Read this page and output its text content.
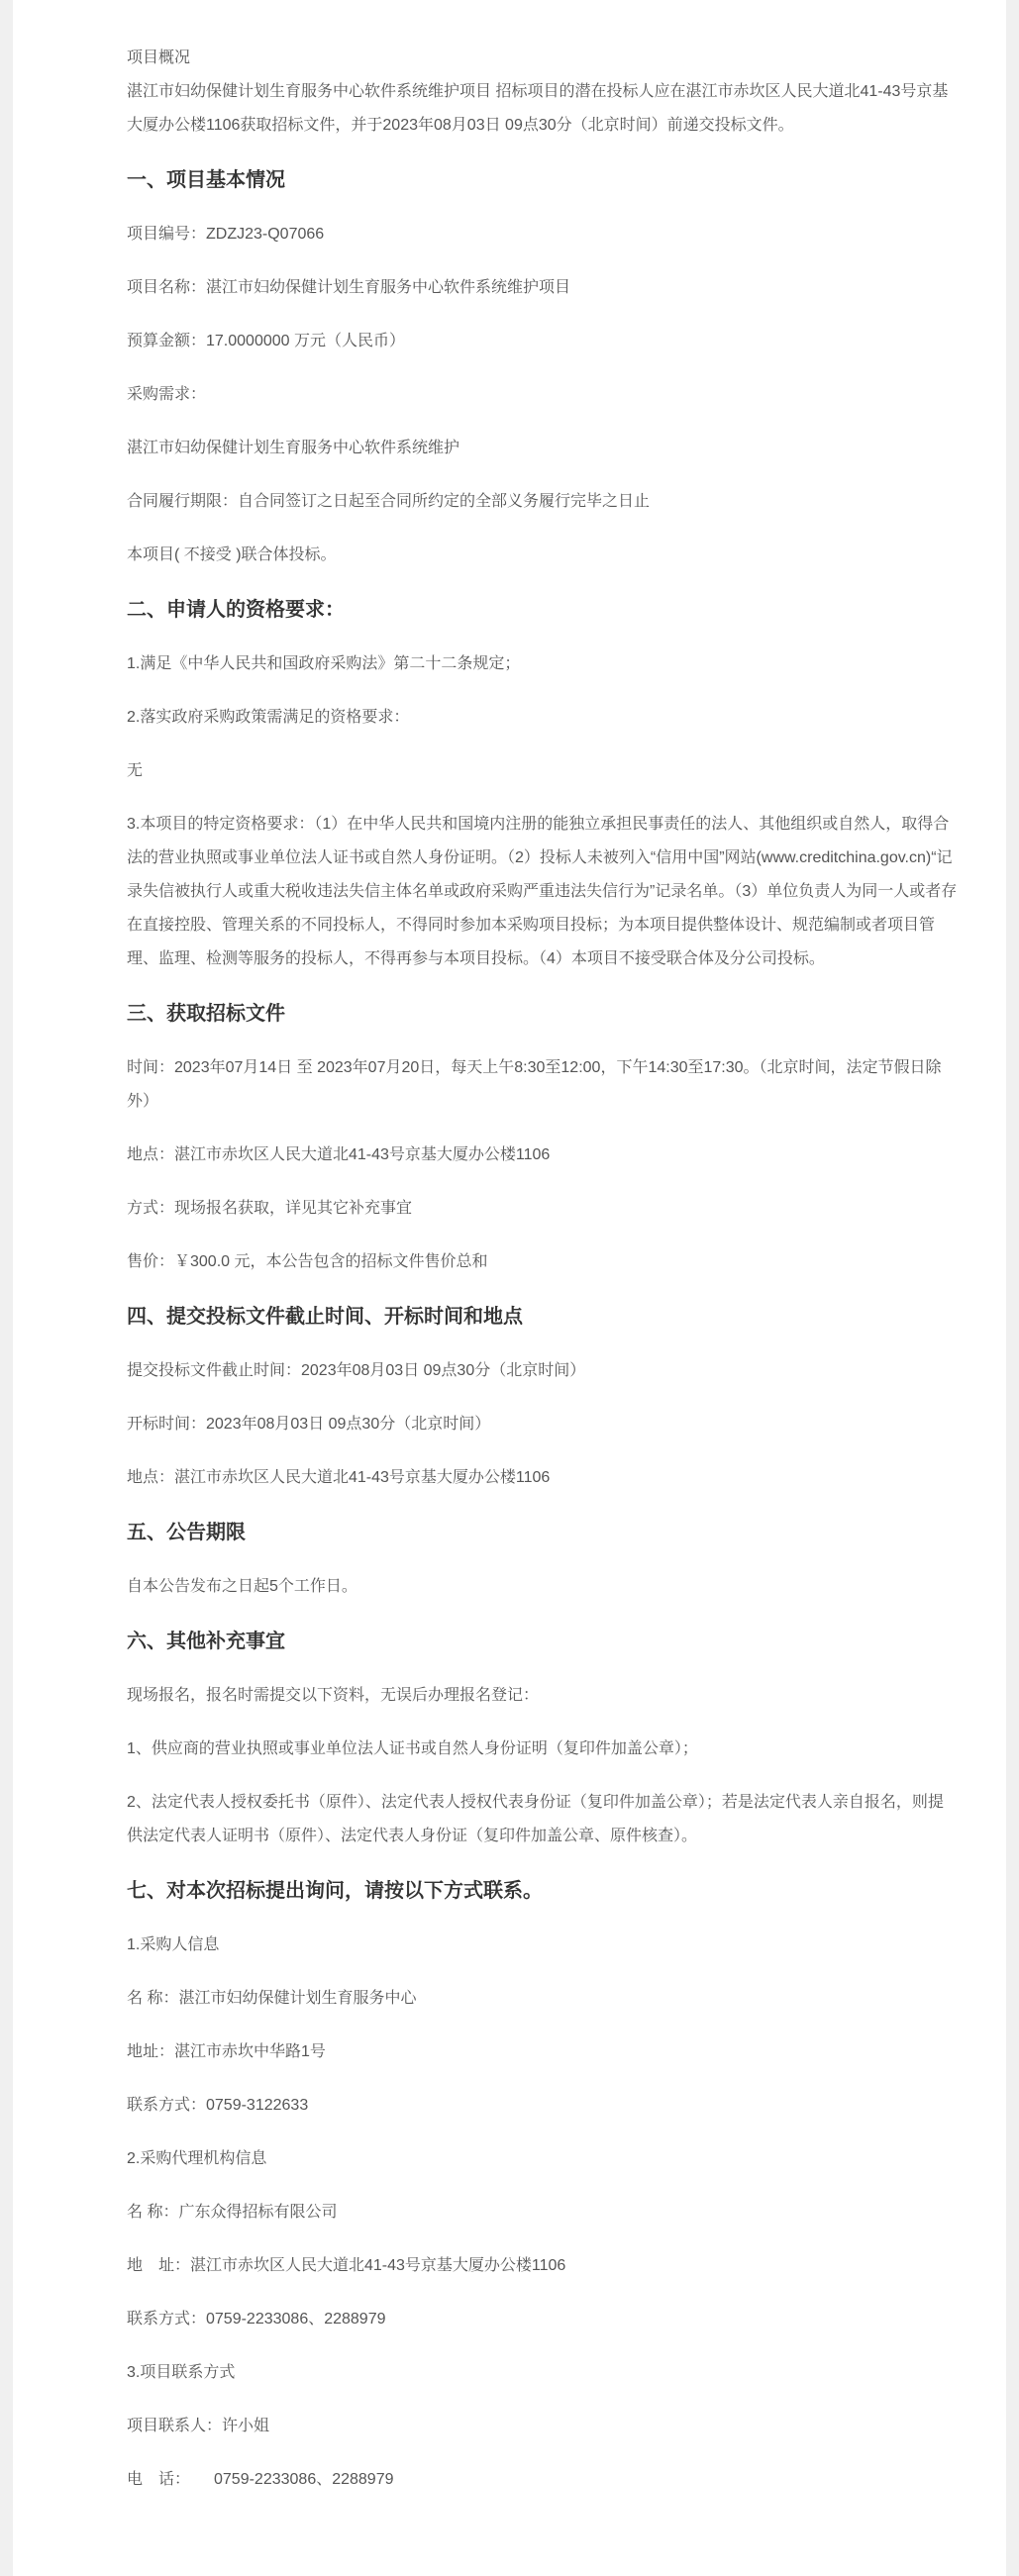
项目概况

湛江市妇幼保健计划生育服务中心软件系统维护项目 招标项目的潜在投标人应在湛江市赤坎区人民大道北41-43号京基大厦办公楼1106获取招标文件，并于2023年08月03日 09点30分（北京时间）前递交投标文件。

一、项目基本情况

项目编号：ZDZJ23-Q07066

项目名称：湛江市妇幼保健计划生育服务中心软件系统维护项目

预算金额：17.0000000 万元（人民币）

采购需求：

湛江市妇幼保健计划生育服务中心软件系统维护

合同履行期限：自合同签订之日起至合同所约定的全部义务履行完毕之日止

本项目( 不接受 )联合体投标。

二、申请人的资格要求：

1.满足《中华人民共和国政府采购法》第二十二条规定；

2.落实政府采购政策需满足的资格要求：

无

3.本项目的特定资格要求：（1）在中华人民共和国境内注册的能独立承担民事责任的法人、其他组织或自然人，取得合法的营业执照或事业单位法人证书或自然人身份证明。（2）投标人未被列入“信用中国”网站(www.creditchina.gov.cn)“记录失信被执行人或重大税收违法失信主体名单或政府采购严重违法失信行为”记录名单。（3）单位负责人为同一人或者存在直接控股、管理关系的不同投标人，不得同时参加本采购项目投标；为本项目提供整体设计、规范编制或者项目管理、监理、检测等服务的投标人，不得再参与本项目投标。（4）本项目不接受联合体及分公司投标。

三、获取招标文件

时间：2023年07月14日 至 2023年07月20日，每天上午8:30至12:00，下午14:30至17:30。（北京时间，法定节假日除外）

地点：湛江市赤坎区人民大道北41-43号京基大厦办公楼1106

方式：现场报名获取，详见其它补充事宜

售价：￥300.0 元，本公告包含的招标文件售价总和

四、提交投标文件截止时间、开标时间和地点

提交投标文件截止时间：2023年08月03日 09点30分（北京时间）

开标时间：2023年08月03日 09点30分（北京时间）

地点：湛江市赤坎区人民大道北41-43号京基大厦办公楼1106

五、公告期限

自本公告发布之日起5个工作日。

六、其他补充事宜

现场报名，报名时需提交以下资料，无误后办理报名登记：

1、供应商的营业执照或事业单位法人证书或自然人身份证明（复印件加盖公章）；

2、法定代表人授权委托书（原件）、法定代表人授权代表身份证（复印件加盖公章）；若是法定代表人亲自报名，则提供法定代表人证明书（原件）、法定代表人身份证（复印件加盖公章、原件核查）。

七、对本次招标提出询问，请按以下方式联系。

1.采购人信息

名 称：湛江市妇幼保健计划生育服务中心

地址：湛江市赤坎中华路1号

联系方式：0759-3122633

2.采购代理机构信息

名 称：广东众得招标有限公司

地　址：湛江市赤坎区人民大道北41-43号京基大厦办公楼1106

联系方式：0759-2233086、2288979

3.项目联系方式

项目联系人：许小姐

电　话：　　0759-2233086、2288979
